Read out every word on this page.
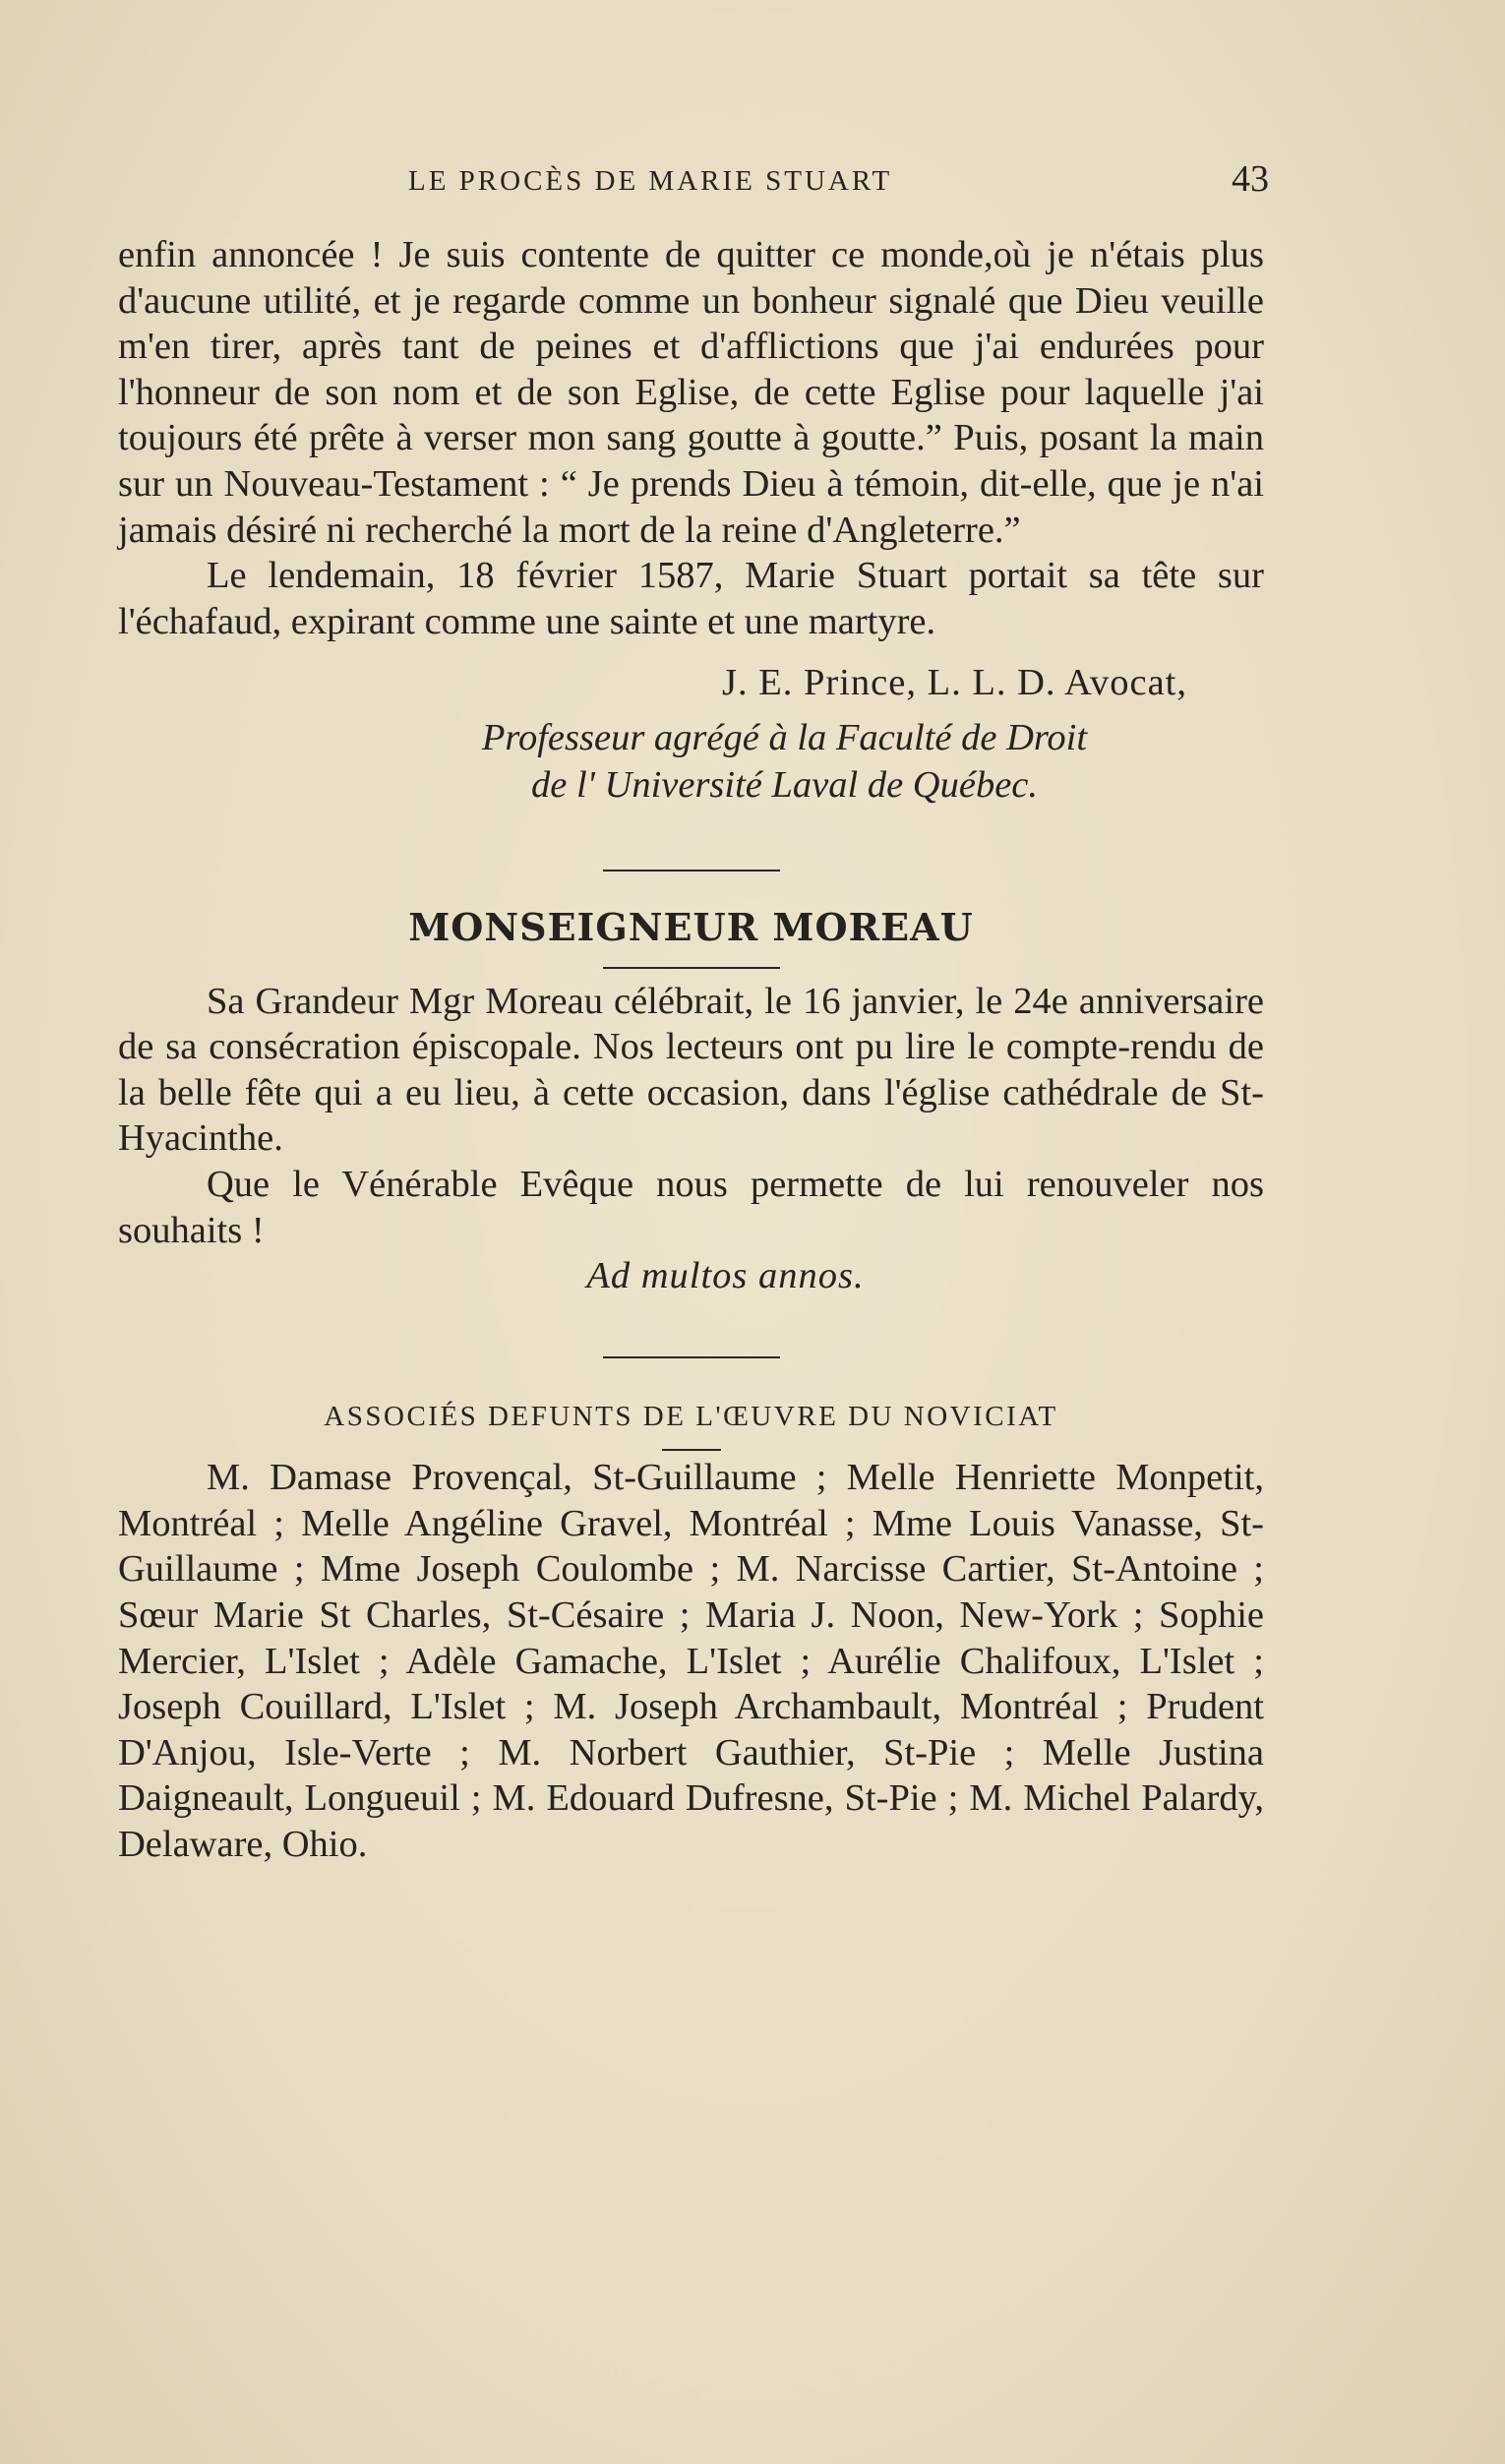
LE PROCÈS DE MARIE STUART	43

enfin annoncée ! Je suis contente de quitter ce monde,où je n'étais plus d'aucune utilité, et je regarde comme un bonheur signalé que Dieu veuille m'en tirer, après tant de peines et d'afflictions que j'ai endurées pour l'honneur de son nom et de son Eglise, de cette Eglise pour laquelle j'ai toujours été prête à verser mon sang goutte à goutte.” Puis, posant la main sur un Nouveau-Testament : “ Je prends Dieu à témoin, dit-elle, que je n'ai jamais désiré ni recherché la mort de la reine d'Angleterre.”

Le lendemain, 18 février 1587, Marie Stuart portait sa tête sur l'échafaud, expirant comme une sainte et une martyre.

J. E. Prince, L. L. D. Avocat,
Professeur agrégé à la Faculté de Droit
de l' Université Laval de Québec.
MONSEIGNEUR MOREAU

Sa Grandeur Mgr Moreau célébrait, le 16 janvier, le 24e anniversaire de sa consécration épiscopale. Nos lecteurs ont pu lire le compte-rendu de la belle fête qui a eu lieu, à cette occasion, dans l'église cathédrale de St-Hyacinthe.

Que le Vénérable Evêque nous permette de lui renouveler nos souhaits !

Ad multos annos.
ASSOCIÉS DEFUNTS DE L'ŒUVRE DU NOVICIAT

M. Damase Provençal, St-Guillaume ; Melle Henriette Monpetit, Montréal ; Melle Angéline Gravel, Montréal ; Mme Louis Vanasse, St-Guillaume ; Mme Joseph Coulombe ; M. Narcisse Cartier, St-Antoine ; Sœur Marie St Charles, St-Césaire ; Maria J. Noon, New-York ; Sophie Mercier, L'Islet ; Adèle Gamache, L'Islet ; Aurélie Chalifoux, L'Islet ; Joseph Couillard, L'Islet ; M. Joseph Archambault, Montréal ; Prudent D'Anjou, Isle-Verte ; M. Norbert Gauthier, St-Pie ; Melle Justina Daigneault, Longueuil ; M. Edouard Dufresne, St-Pie ; M. Michel Palardy, Delaware, Ohio.
